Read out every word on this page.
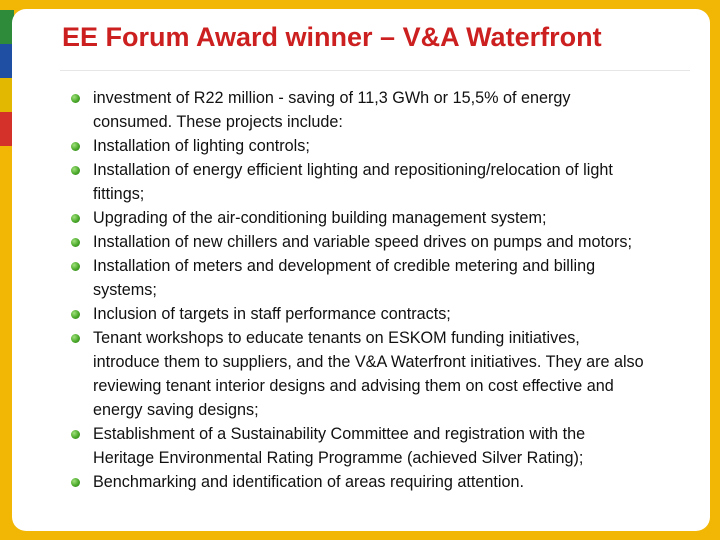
EE Forum Award winner – V&A Waterfront
investment of R22 million - saving of 11,3 GWh or 15,5% of energy consumed. These projects include:
Installation of lighting controls;
Installation of energy efficient lighting and repositioning/relocation of light fittings;
Upgrading of the air-conditioning building management system;
Installation of new chillers and variable speed drives on pumps and motors;
Installation of meters and development of credible metering and billing systems;
Inclusion of targets in staff performance contracts;
Tenant workshops to educate tenants on ESKOM funding initiatives, introduce them to suppliers, and the V&A Waterfront initiatives. They are also reviewing tenant interior designs and advising them on cost effective and energy saving designs;
Establishment of a Sustainability Committee and registration with the Heritage Environmental Rating Programme (achieved Silver Rating);
Benchmarking and identification of areas requiring attention.
